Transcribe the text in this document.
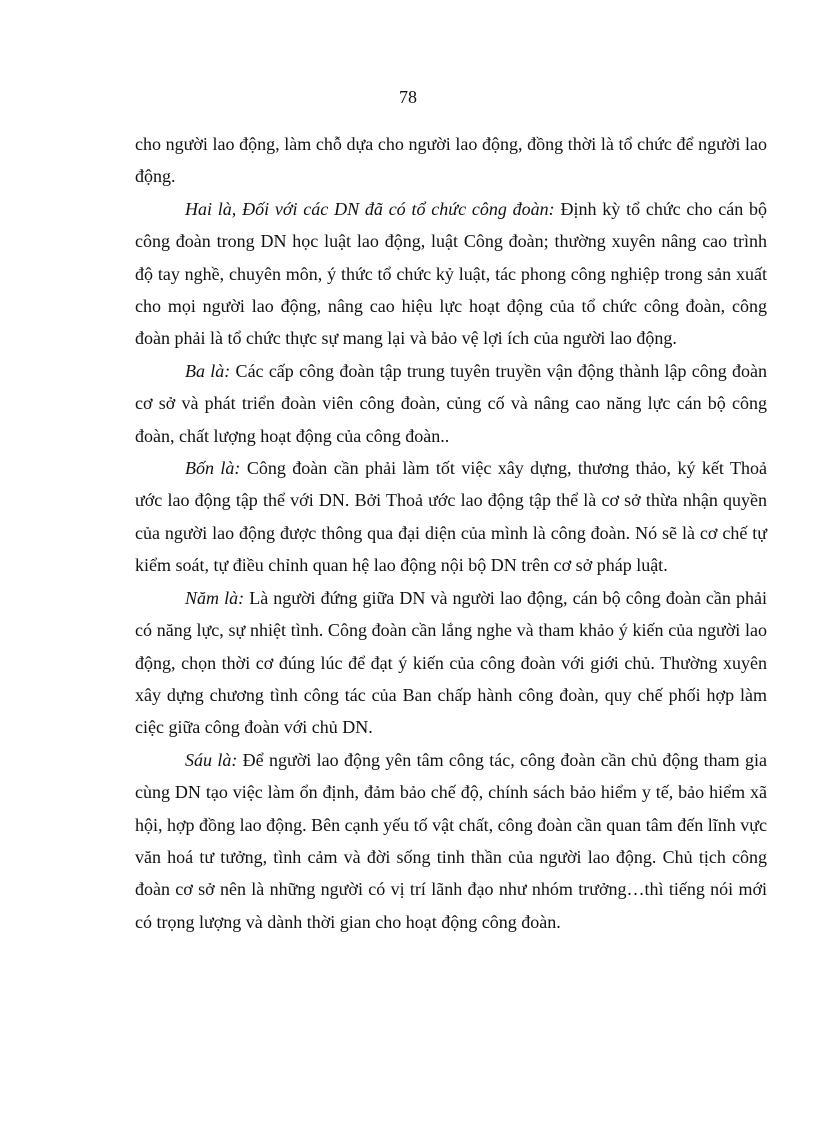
78

cho người lao động, làm chỗ dựa cho người lao động, đồng thời là tổ chức để người lao động.

Hai là, Đối với các DN đã có tổ chức công đoàn: Định kỳ tổ chức cho cán bộ công đoàn trong DN học luật lao động, luật Công đoàn; thường xuyên nâng cao trình độ tay nghề, chuyên môn, ý thức tổ chức kỷ luật, tác phong công nghiệp trong sản xuất cho mọi người lao động, nâng cao hiệu lực hoạt động của tổ chức công đoàn, công đoàn phải là tổ chức thực sự mang lại và bảo vệ lợi ích của người lao động.

Ba là: Các cấp công đoàn tập trung tuyên truyền vận động thành lập công đoàn cơ sở và phát triển đoàn viên công đoàn, củng cố và nâng cao năng lực cán bộ công đoàn, chất lượng hoạt động của công đoàn..

Bốn là: Công đoàn cần phải làm tốt việc xây dựng, thương thảo, ký kết Thoả ước lao động tập thể với DN. Bởi Thoả ước lao động tập thể là cơ sở thừa nhận quyền của người lao động được thông qua đại diện của mình là công đoàn. Nó sẽ là cơ chế tự kiểm soát, tự điều chỉnh quan hệ lao động nội bộ DN trên cơ sở pháp luật.

Năm là: Là người đứng giữa DN và người lao động, cán bộ công đoàn cần phải có năng lực, sự nhiệt tình. Công đoàn cần lắng nghe và tham khảo ý kiến của người lao động, chọn thời cơ đúng lúc để đạt ý kiến của công đoàn với giới chủ. Thường xuyên xây dựng chương tình công tác của Ban chấp hành công đoàn, quy chế phối hợp làm ciệc giữa công đoàn với chủ DN.

Sáu là: Để người lao động yên tâm công tác, công đoàn cần chủ động tham gia cùng DN tạo việc làm ổn định, đảm bảo chế độ, chính sách bảo hiểm y tế, bảo hiểm xã hội, hợp đồng lao động. Bên cạnh yếu tố vật chất, công đoàn cần quan tâm đến lĩnh vực văn hoá tư tưởng, tình cảm và đời sống tinh thần của người lao động. Chủ tịch công đoàn cơ sở nên là những người có vị trí lãnh đạo như nhóm trưởng…thì tiếng nói mới có trọng lượng và dành thời gian cho hoạt động công đoàn.
